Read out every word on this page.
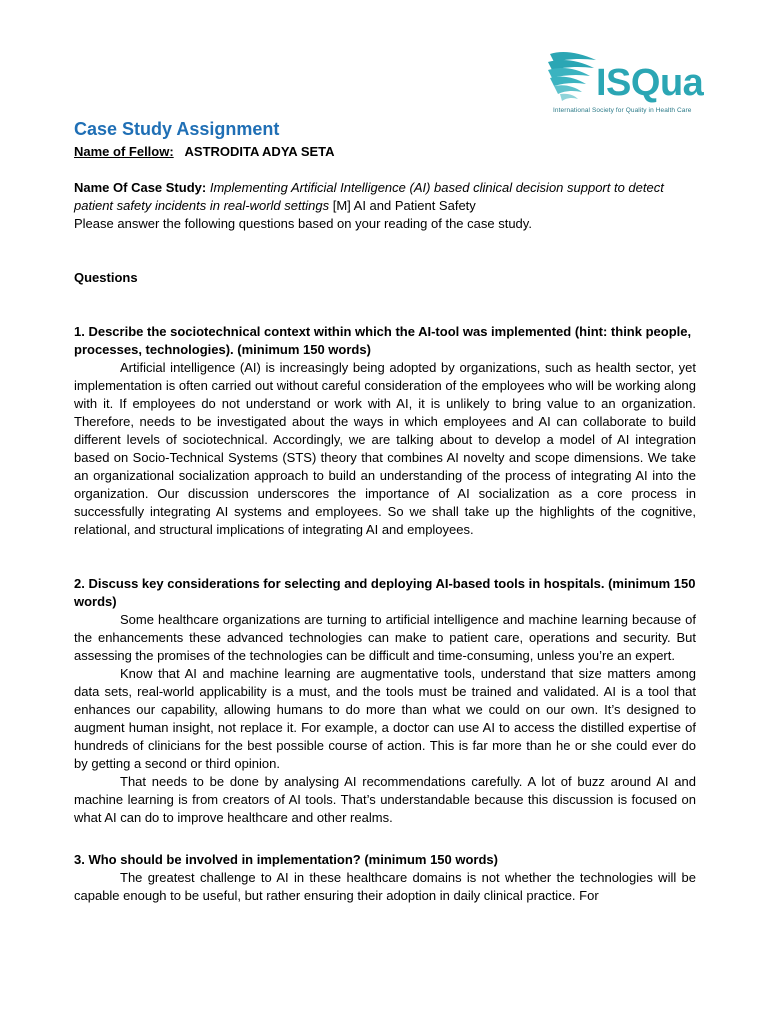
ISQua
International Society for Quality in Health Care

Case Study Assignment

Name of Fellow: ASTRODITA ADYA SETA

Name Of Case Study: Implementing Artificial Intelligence (AI) based clinical decision support to detect patient safety incidents in real-world settings [M] AI and Patient Safety

Please answer the following questions based on your reading of the case study.

Questions

1. Describe the sociotechnical context within which the AI-tool was implemented (hint: think people, processes, technologies). (minimum 150 words)

Artificial intelligence (AI) is increasingly being adopted by organizations, such as health sector, yet implementation is often carried out without careful consideration of the employees who will be working along with it. If employees do not understand or work with AI, it is unlikely to bring value to an organization. Therefore, needs to be investigated about the ways in which employees and AI can collaborate to build different levels of sociotechnical. Accordingly, we are talking about to develop a model of AI integration based on Socio-Technical Systems (STS) theory that combines AI novelty and scope dimensions. We take an organizational socialization approach to build an understanding of the process of integrating AI into the organization. Our discussion underscores the importance of AI socialization as a core process in successfully integrating AI systems and employees. So we shall take up the highlights of the cognitive, relational, and structural implications of integrating AI and employees.

2. Discuss key considerations for selecting and deploying AI-based tools in hospitals. (minimum 150 words)

Some healthcare organizations are turning to artificial intelligence and machine learning because of the enhancements these advanced technologies can make to patient care, operations and security. But assessing the promises of the technologies can be difficult and time-consuming, unless you’re an expert.

Know that AI and machine learning are augmentative tools, understand that size matters among data sets, real-world applicability is a must, and the tools must be trained and validated. AI is a tool that enhances our capability, allowing humans to do more than what we could on our own. It’s designed to augment human insight, not replace it. For example, a doctor can use AI to access the distilled expertise of hundreds of clinicians for the best possible course of action. This is far more than he or she could ever do by getting a second or third opinion.

That needs to be done by analysing AI recommendations carefully. A lot of buzz around AI and machine learning is from creators of AI tools. That’s understandable because this discussion is focused on what AI can do to improve healthcare and other realms.

3. Who should be involved in implementation? (minimum 150 words)

The greatest challenge to AI in these healthcare domains is not whether the technologies will be capable enough to be useful, but rather ensuring their adoption in daily clinical practice. For
